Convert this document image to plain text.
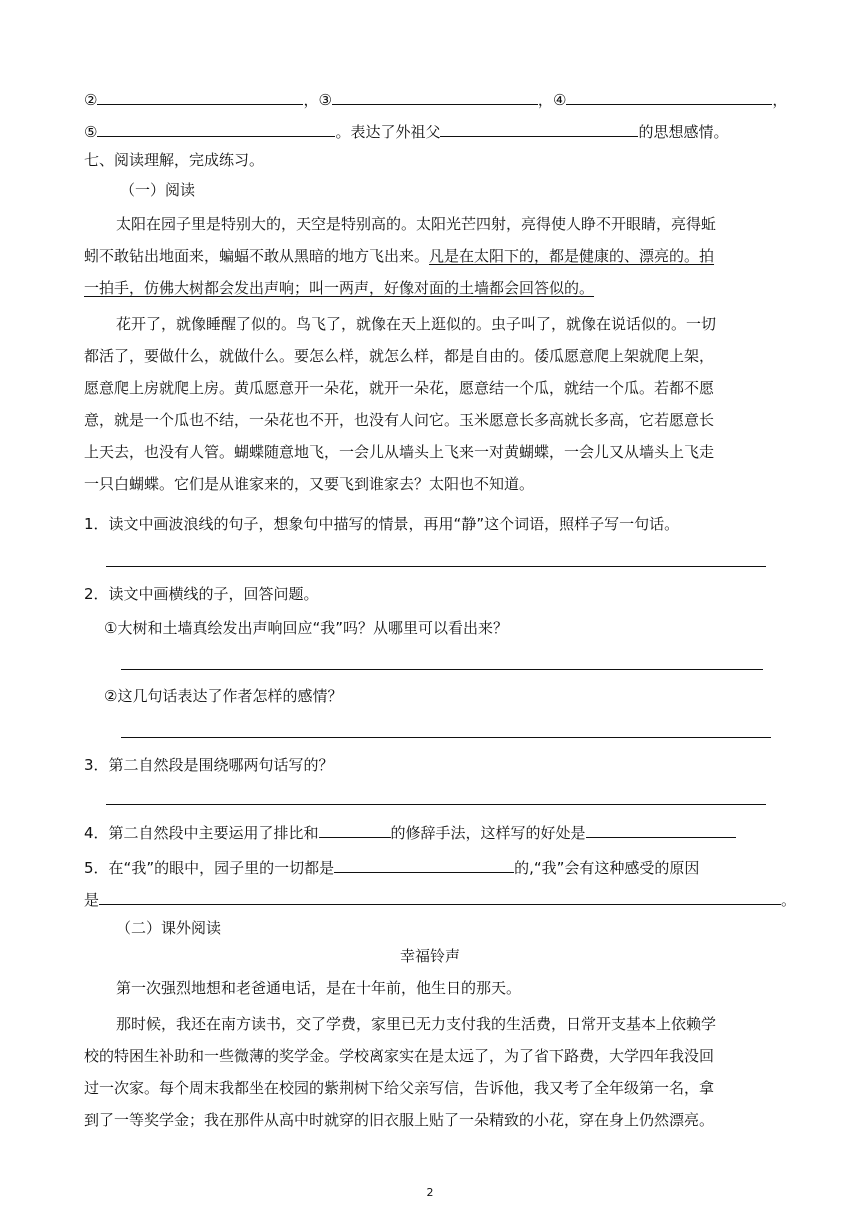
②	，③	，④	，
⑤	。表达了外祖父	的思想感情。
七、阅读理解，完成练习。
（一）阅读
太阳在园子里是特别大的，天空是特别高的。太阳光芒四射，亮得使人睁不开眼睛，亮得蚯
蚓不敢钻出地面来，蝙蝠不敢从黑暗的地方飞出来。凡是在太阳下的，都是健康的、漂亮的。拍
一拍手，仿佛大树都会发出声响；叫一两声，好像对面的土墙都会回答似的。
花开了，就像睡醒了似的。鸟飞了，就像在天上逛似的。虫子叫了，就像在说话似的。一切
都活了，要做什么，就做什么。要怎么样，就怎么样，都是自由的。倭瓜愿意爬上架就爬上架，
愿意爬上房就爬上房。黄瓜愿意开一朵花，就开一朵花，愿意结一个瓜，就结一个瓜。若都不愿
意，就是一个瓜也不结，一朵花也不开，也没有人问它。玉米愿意长多高就长多高，它若愿意长
上天去，也没有人管。蝴蝶随意地飞，一会儿从墙头上飞来一对黄蝴蝶，一会儿又从墙头上飞走
一只白蝴蝶。它们是从谁家来的，又要飞到谁家去？太阳也不知道。
1．读文中画波浪线的句子，想象句中描写的情景，再用“静”这个词语，照样子写一句话。
2．读文中画横线的子，回答问题。
①大树和土墙真绘发出声响回应“我”吗？从哪里可以看出来？
②这几句话表达了作者怎样的感情？
3．第二自然段是围绕哪两句话写的？
4．第二自然段中主要运用了排比和	的修辞手法，这样写的好处是
5．在“我”的眼中，园子里的一切都是	的,“我”会有这种感受的原因
是	。
（二）课外阅读
幸福铃声
第一次强烈地想和老爸通电话，是在十年前，他生日的那天。
那时候，我还在南方读书，交了学费，家里已无力支付我的生活费，日常开支基本上依赖学
校的特困生补助和一些微薄的奖学金。学校离家实在是太远了，为了省下路费，大学四年我没回
过一次家。每个周末我都坐在校园的紫荆树下给父亲写信，告诉他，我又考了全年级第一名，拿
到了一等奖学金；我在那件从高中时就穿的旧衣服上贴了一朵精致的小花，穿在身上仍然漂亮。
2
